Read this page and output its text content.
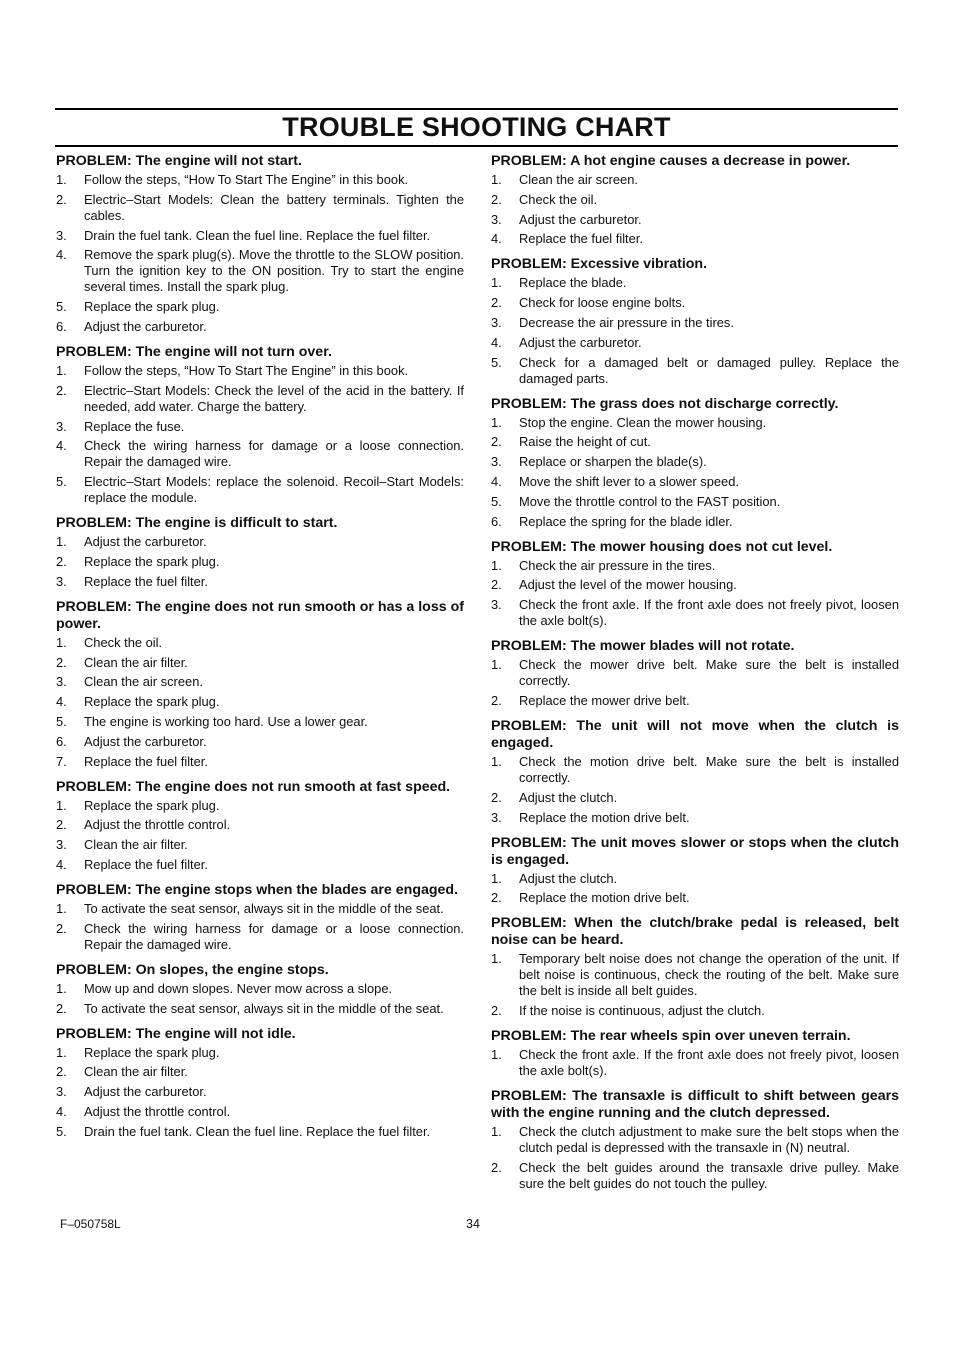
TROUBLE SHOOTING CHART
PROBLEM: The engine will not start.
1. Follow the steps, “How To Start The Engine” in this book.
2. Electric–Start Models: Clean the battery terminals. Tighten the cables.
3. Drain the fuel tank. Clean the fuel line. Replace the fuel filter.
4. Remove the spark plug(s). Move the throttle to the SLOW position. Turn the ignition key to the ON position. Try to start the engine several times. Install the spark plug.
5. Replace the spark plug.
6. Adjust the carburetor.
PROBLEM: The engine will not turn over.
1. Follow the steps, “How To Start The Engine” in this book.
2. Electric–Start Models: Check the level of the acid in the battery. If needed, add water. Charge the battery.
3. Replace the fuse.
4. Check the wiring harness for damage or a loose connection. Repair the damaged wire.
5. Electric–Start Models: replace the solenoid. Recoil–Start Models: replace the module.
PROBLEM: The engine is difficult to start.
1. Adjust the carburetor.
2. Replace the spark plug.
3. Replace the fuel filter.
PROBLEM: The engine does not run smooth or has a loss of power.
1. Check the oil.
2. Clean the air filter.
3. Clean the air screen.
4. Replace the spark plug.
5. The engine is working too hard. Use a lower gear.
6. Adjust the carburetor.
7. Replace the fuel filter.
PROBLEM: The engine does not run smooth at fast speed.
1. Replace the spark plug.
2. Adjust the throttle control.
3. Clean the air filter.
4. Replace the fuel filter.
PROBLEM: The engine stops when the blades are engaged.
1. To activate the seat sensor, always sit in the middle of the seat.
2. Check the wiring harness for damage or a loose connection. Repair the damaged wire.
PROBLEM: On slopes, the engine stops.
1. Mow up and down slopes. Never mow across a slope.
2. To activate the seat sensor, always sit in the middle of the seat.
PROBLEM: The engine will not idle.
1. Replace the spark plug.
2. Clean the air filter.
3. Adjust the carburetor.
4. Adjust the throttle control.
5. Drain the fuel tank. Clean the fuel line. Replace the fuel filter.
PROBLEM: A hot engine causes a decrease in power.
1. Clean the air screen.
2. Check the oil.
3. Adjust the carburetor.
4. Replace the fuel filter.
PROBLEM: Excessive vibration.
1. Replace the blade.
2. Check for loose engine bolts.
3. Decrease the air pressure in the tires.
4. Adjust the carburetor.
5. Check for a damaged belt or damaged pulley. Replace the damaged parts.
PROBLEM: The grass does not discharge correctly.
1. Stop the engine. Clean the mower housing.
2. Raise the height of cut.
3. Replace or sharpen the blade(s).
4. Move the shift lever to a slower speed.
5. Move the throttle control to the FAST position.
6. Replace the spring for the blade idler.
PROBLEM: The mower housing does not cut level.
1. Check the air pressure in the tires.
2. Adjust the level of the mower housing.
3. Check the front axle. If the front axle does not freely pivot, loosen the axle bolt(s).
PROBLEM: The mower blades will not rotate.
1. Check the mower drive belt. Make sure the belt is installed correctly.
2. Replace the mower drive belt.
PROBLEM: The unit will not move when the clutch is engaged.
1. Check the motion drive belt. Make sure the belt is installed correctly.
2. Adjust the clutch.
3. Replace the motion drive belt.
PROBLEM: The unit moves slower or stops when the clutch is engaged.
1. Adjust the clutch.
2. Replace the motion drive belt.
PROBLEM: When the clutch/brake pedal is released, belt noise can be heard.
1. Temporary belt noise does not change the operation of the unit. If belt noise is continuous, check the routing of the belt. Make sure the belt is inside all belt guides.
2. If the noise is continuous, adjust the clutch.
PROBLEM: The rear wheels spin over uneven terrain.
1. Check the front axle. If the front axle does not freely pivot, loosen the axle bolt(s).
PROBLEM: The transaxle is difficult to shift between gears with the engine running and the clutch depressed.
1. Check the clutch adjustment to make sure the belt stops when the clutch pedal is depressed with the transaxle in (N) neutral.
2. Check the belt guides around the transaxle drive pulley. Make sure the belt guides do not touch the pulley.
F–050758L	34
